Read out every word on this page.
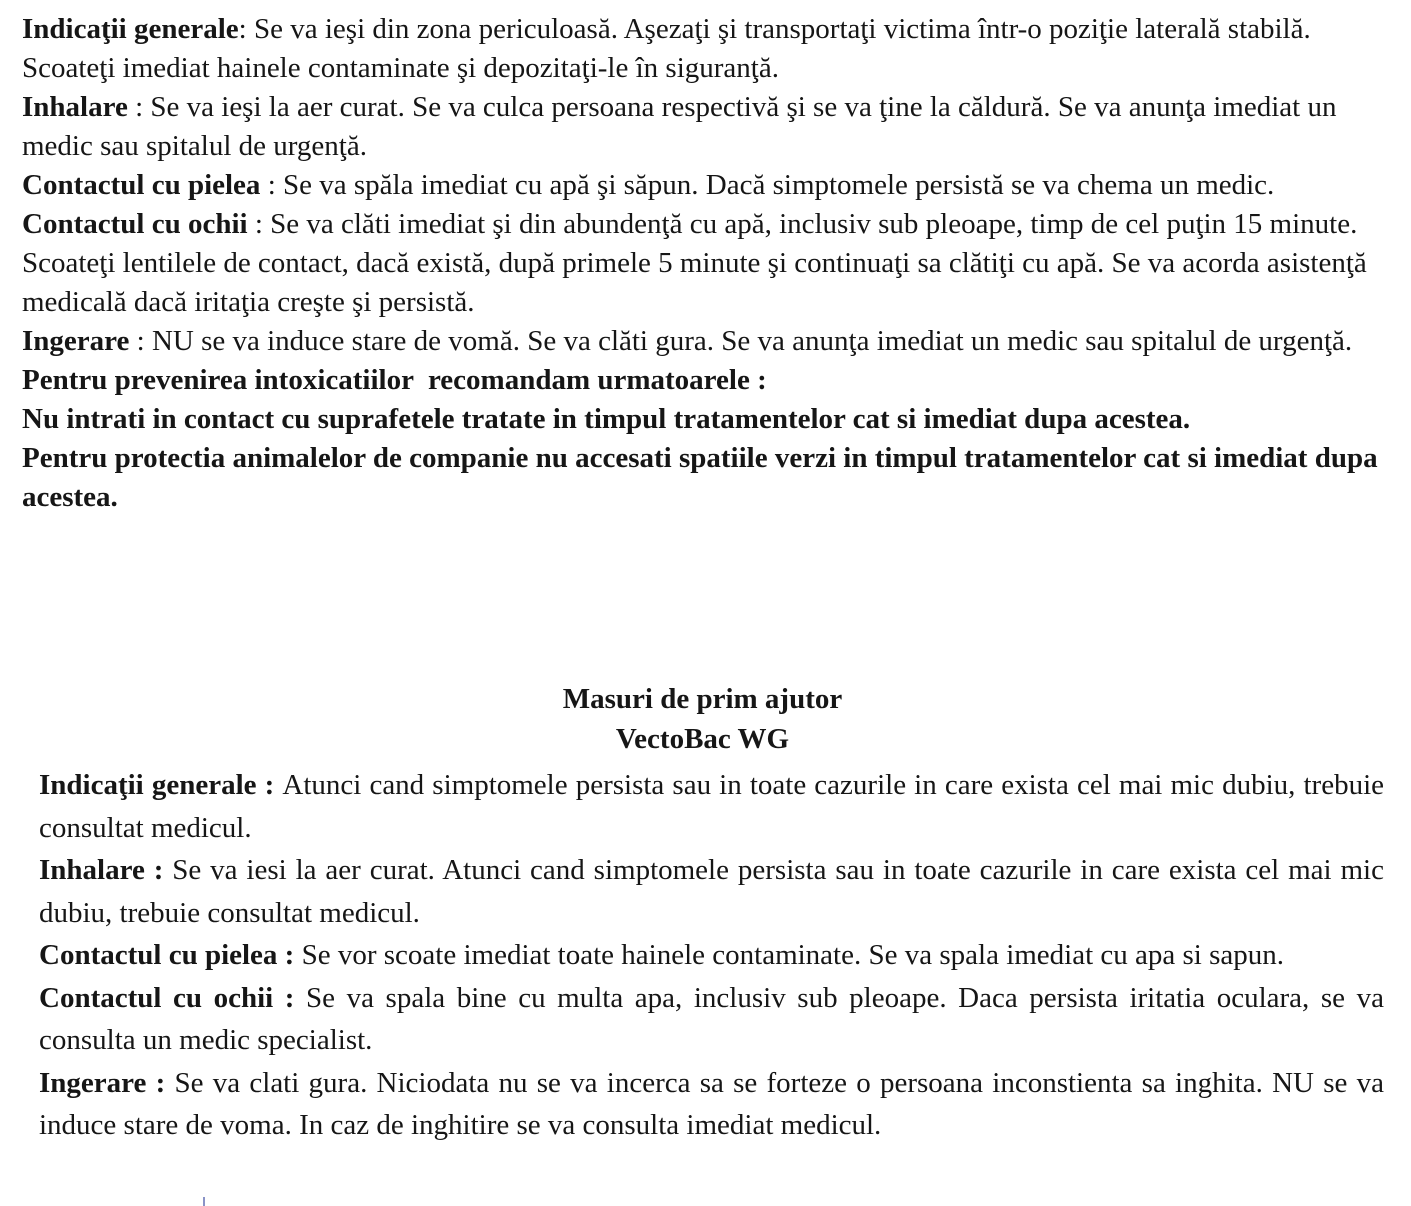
Indicaţii generale: Se va ieşi din zona periculoasă. Aşezaţi şi transportaţi victima într-o poziţie laterală stabilă. Scoateţi imediat hainele contaminate şi depozitaţi-le în siguranţă.

Inhalare : Se va ieşi la aer curat. Se va culca persoana respectivă şi se va ţine la căldură. Se va anunţa imediat un medic sau spitalul de urgenţă.

Contactul cu pielea : Se va spăla imediat cu apă şi săpun. Dacă simptomele persistă se va chema un medic.

Contactul cu ochii : Se va clăti imediat şi din abundenţă cu apă, inclusiv sub pleoape, timp de cel puţin 15 minute. Scoateţi lentilele de contact, dacă există, după primele 5 minute şi continuaţi sa clătiţi cu apă. Se va acorda asistenţă medicală dacă iritaţia creşte şi persistă.

Ingerare : NU se va induce stare de vomă. Se va clăti gura. Se va anunţa imediat un medic sau spitalul de urgenţă.

Pentru prevenirea intoxicatiilor  recomandam urmatoarele :

Nu intrati in contact cu suprafetele tratate in timpul tratamentelor cat si imediat dupa acestea.

Pentru protectia animalelor de companie nu accesati spatiile verzi in timpul tratamentelor cat si imediat dupa acestea.

Masuri de prim ajutor
VectoBac WG

Indicaţii generale : Atunci cand simptomele persista sau in toate cazurile in care exista cel mai mic dubiu, trebuie consultat medicul.

Inhalare : Se va iesi la aer curat. Atunci cand simptomele persista sau in toate cazurile in care exista cel mai mic dubiu, trebuie consultat medicul.

Contactul cu pielea : Se vor scoate imediat toate hainele contaminate. Se va spala imediat cu apa si sapun.

Contactul cu ochii : Se va spala bine cu multa apa, inclusiv sub pleoape. Daca persista iritatia oculara, se va consulta un medic specialist.

Ingerare : Se va clati gura. Niciodata nu se va incerca sa se forteze o persoana inconstienta sa inghita. NU se va induce stare de voma. In caz de inghitire se va consulta imediat medicul.
